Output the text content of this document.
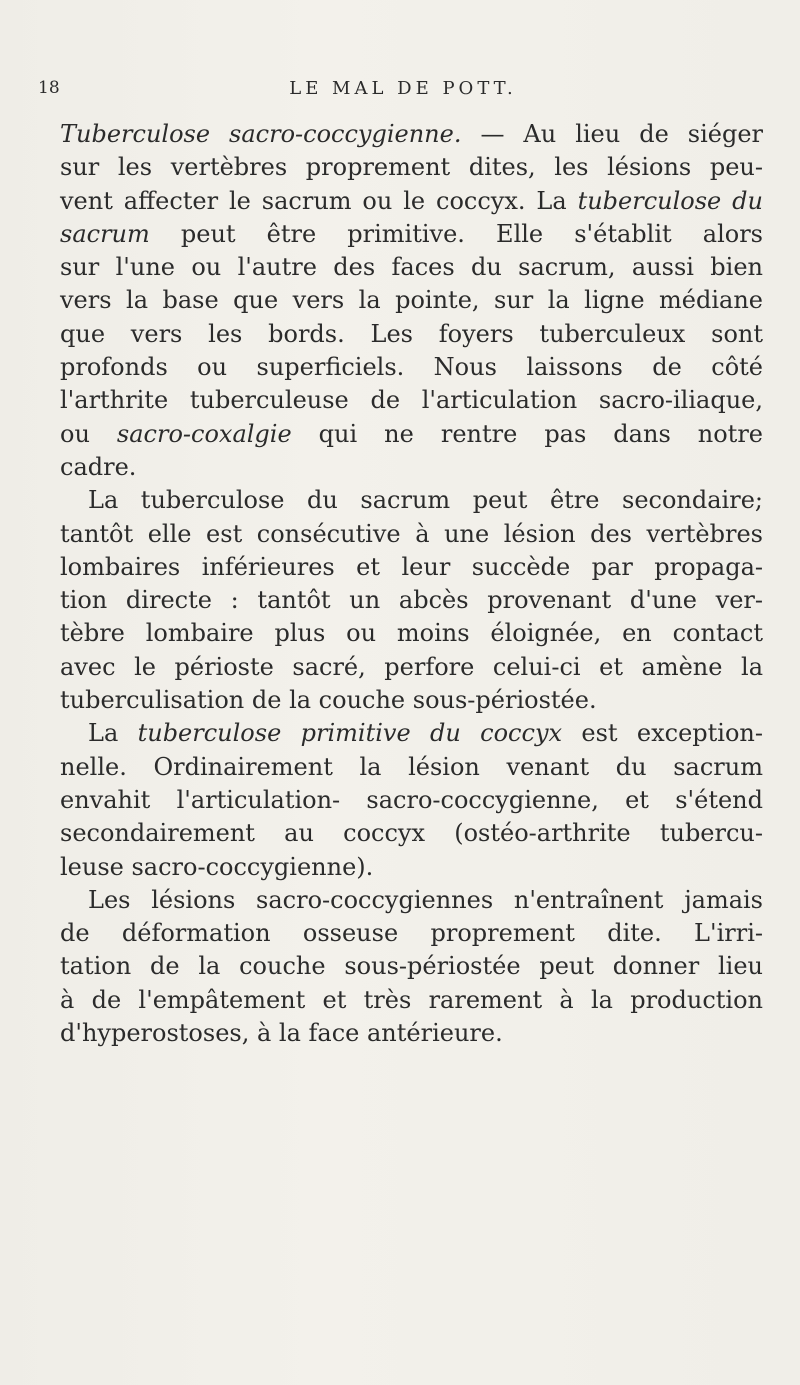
18	LE MAL DE POTT.
Tuberculose sacro-coccygienne. — Au lieu de siéger
sur les vertèbres proprement dites, les lésions peu-
vent affecter le sacrum ou le coccyx. La tuberculose du
sacrum peut être primitive. Elle s'établit alors
sur l'une ou l'autre des faces du sacrum, aussi bien
vers la base que vers la pointe, sur la ligne médiane
que vers les bords. Les foyers tuberculeux sont
profonds ou superficiels. Nous laissons de côté
l'arthrite tuberculeuse de l'articulation sacro-iliaque,
ou sacro-coxalgie qui ne rentre pas dans notre
cadre.
La tuberculose du sacrum peut être secondaire;
tantôt elle est consécutive à une lésion des vertèbres
lombaires inférieures et leur succède par propaga-
tion directe : tantôt un abcès provenant d'une ver-
tèbre lombaire plus ou moins éloignée, en contact
avec le périoste sacré, perfore celui-ci et amène la
tuberculisation de la couche sous-périostée.
La tuberculose primitive du coccyx est exception-
nelle. Ordinairement la lésion venant du sacrum
envahit l'articulation- sacro-coccygienne, et s'étend
secondairement au coccyx (ostéo-arthrite tubercu-
leuse sacro-coccygienne).
Les lésions sacro-coccygiennes n'entraînent jamais
de déformation osseuse proprement dite. L'irri-
tation de la couche sous-périostée peut donner lieu
à de l'empâtement et très rarement à la production
d'hyperostoses, à la face antérieure.
